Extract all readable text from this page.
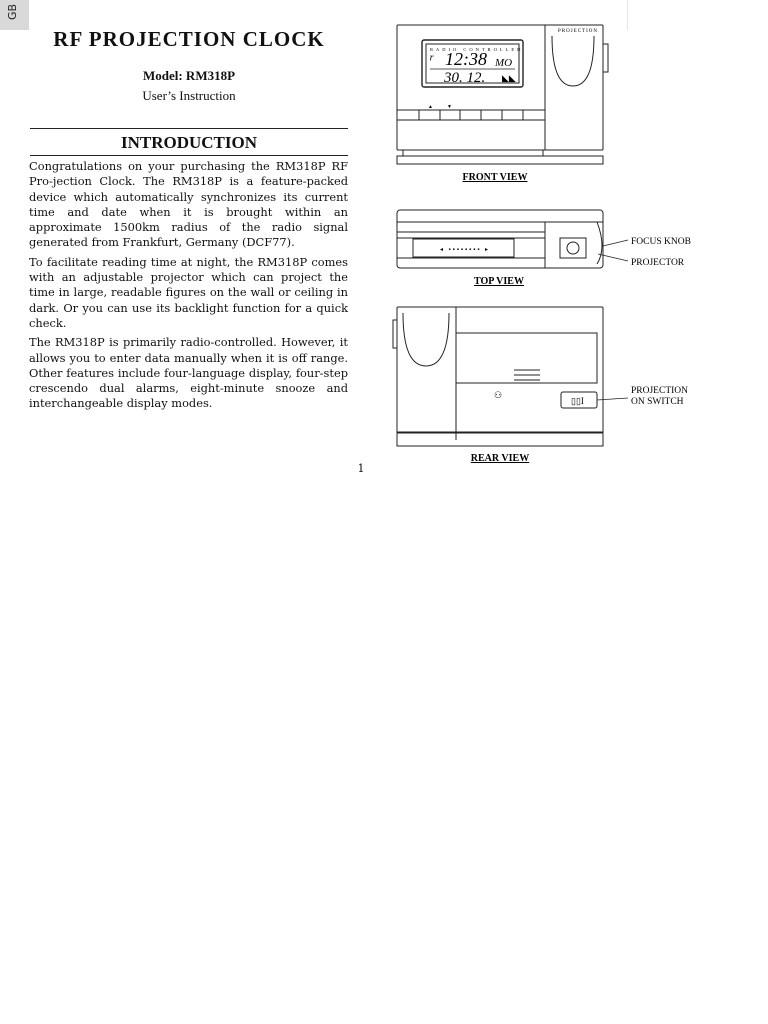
GB
RF PROJECTION CLOCK
Model: RM318P
User’s Instruction
INTRODUCTION

Congratulations on your purchasing the RM318P RF Pro-jection Clock. The RM318P is a feature-packed device which automatically synchronizes its current time and date when it is brought within an approximate 1500km radius of the radio signal generated from Frankfurt, Germany (DCF77).

To facilitate reading time at night, the RM318P comes with an adjustable projector which can project the time in large, readable figures on the wall or ceiling in dark. Or you can use its backlight function for a quick check.

The RM318P is primarily radio-controlled. However, it allows you to enter data manually when it is off range. Other features include four-language display, four-step crescendo dual alarms, eight-minute snooze and interchangeable display modes.

PROJECTION
RADIO CONTROLLED
ʳ 12:38 MO
30. 12. ◣◣
▲	▼
FRONT VIEW
◂ ▪▪▪▪▪▪▪▪ ▸
FOCUS KNOB
PROJECTOR
TOP VIEW
⚇
▯▯I
PROJECTION
ON SWITCH
REAR VIEW
1
